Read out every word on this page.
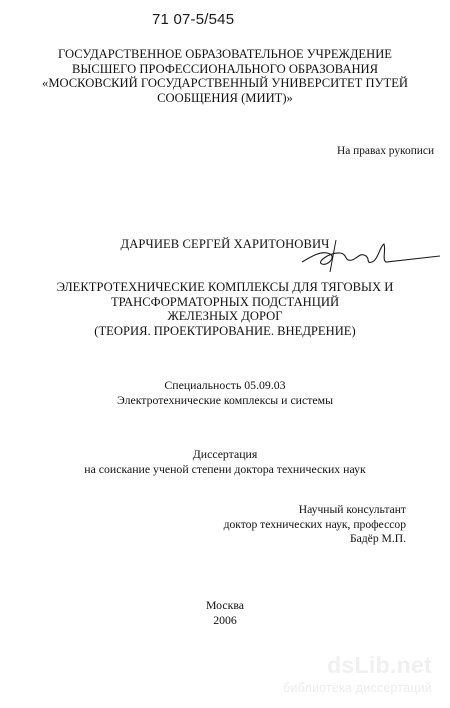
71 07-5/545
ГОСУДАРСТВЕННОЕ ОБРАЗОВАТЕЛЬНОЕ УЧРЕЖДЕНИЕ
ВЫСШЕГО ПРОФЕССИОНАЛЬНОГО ОБРАЗОВАНИЯ
«МОСКОВСКИЙ ГОСУДАРСТВЕННЫЙ УНИВЕРСИТЕТ ПУТЕЙ
СООБЩЕНИЯ (МИИТ)»
На правах рукописи
ДАРЧИЕВ СЕРГЕЙ ХАРИТОНОВИЧ
ЭЛЕКТРОТЕХНИЧЕСКИЕ КОМПЛЕКСЫ ДЛЯ ТЯГОВЫХ И
ТРАНСФОРМАТОРНЫХ ПОДСТАНЦИЙ
ЖЕЛЕЗНЫХ ДОРОГ
(ТЕОРИЯ. ПРОЕКТИРОВАНИЕ. ВНЕДРЕНИЕ)
Специальность 05.09.03
Электротехнические комплексы и системы
Диссертация
на соискание ученой степени доктора технических наук
Научный консультант
доктор технических наук, профессор
Бадёр М.П.
Москва
2006
dsLib.net
библиотека диссертаций
